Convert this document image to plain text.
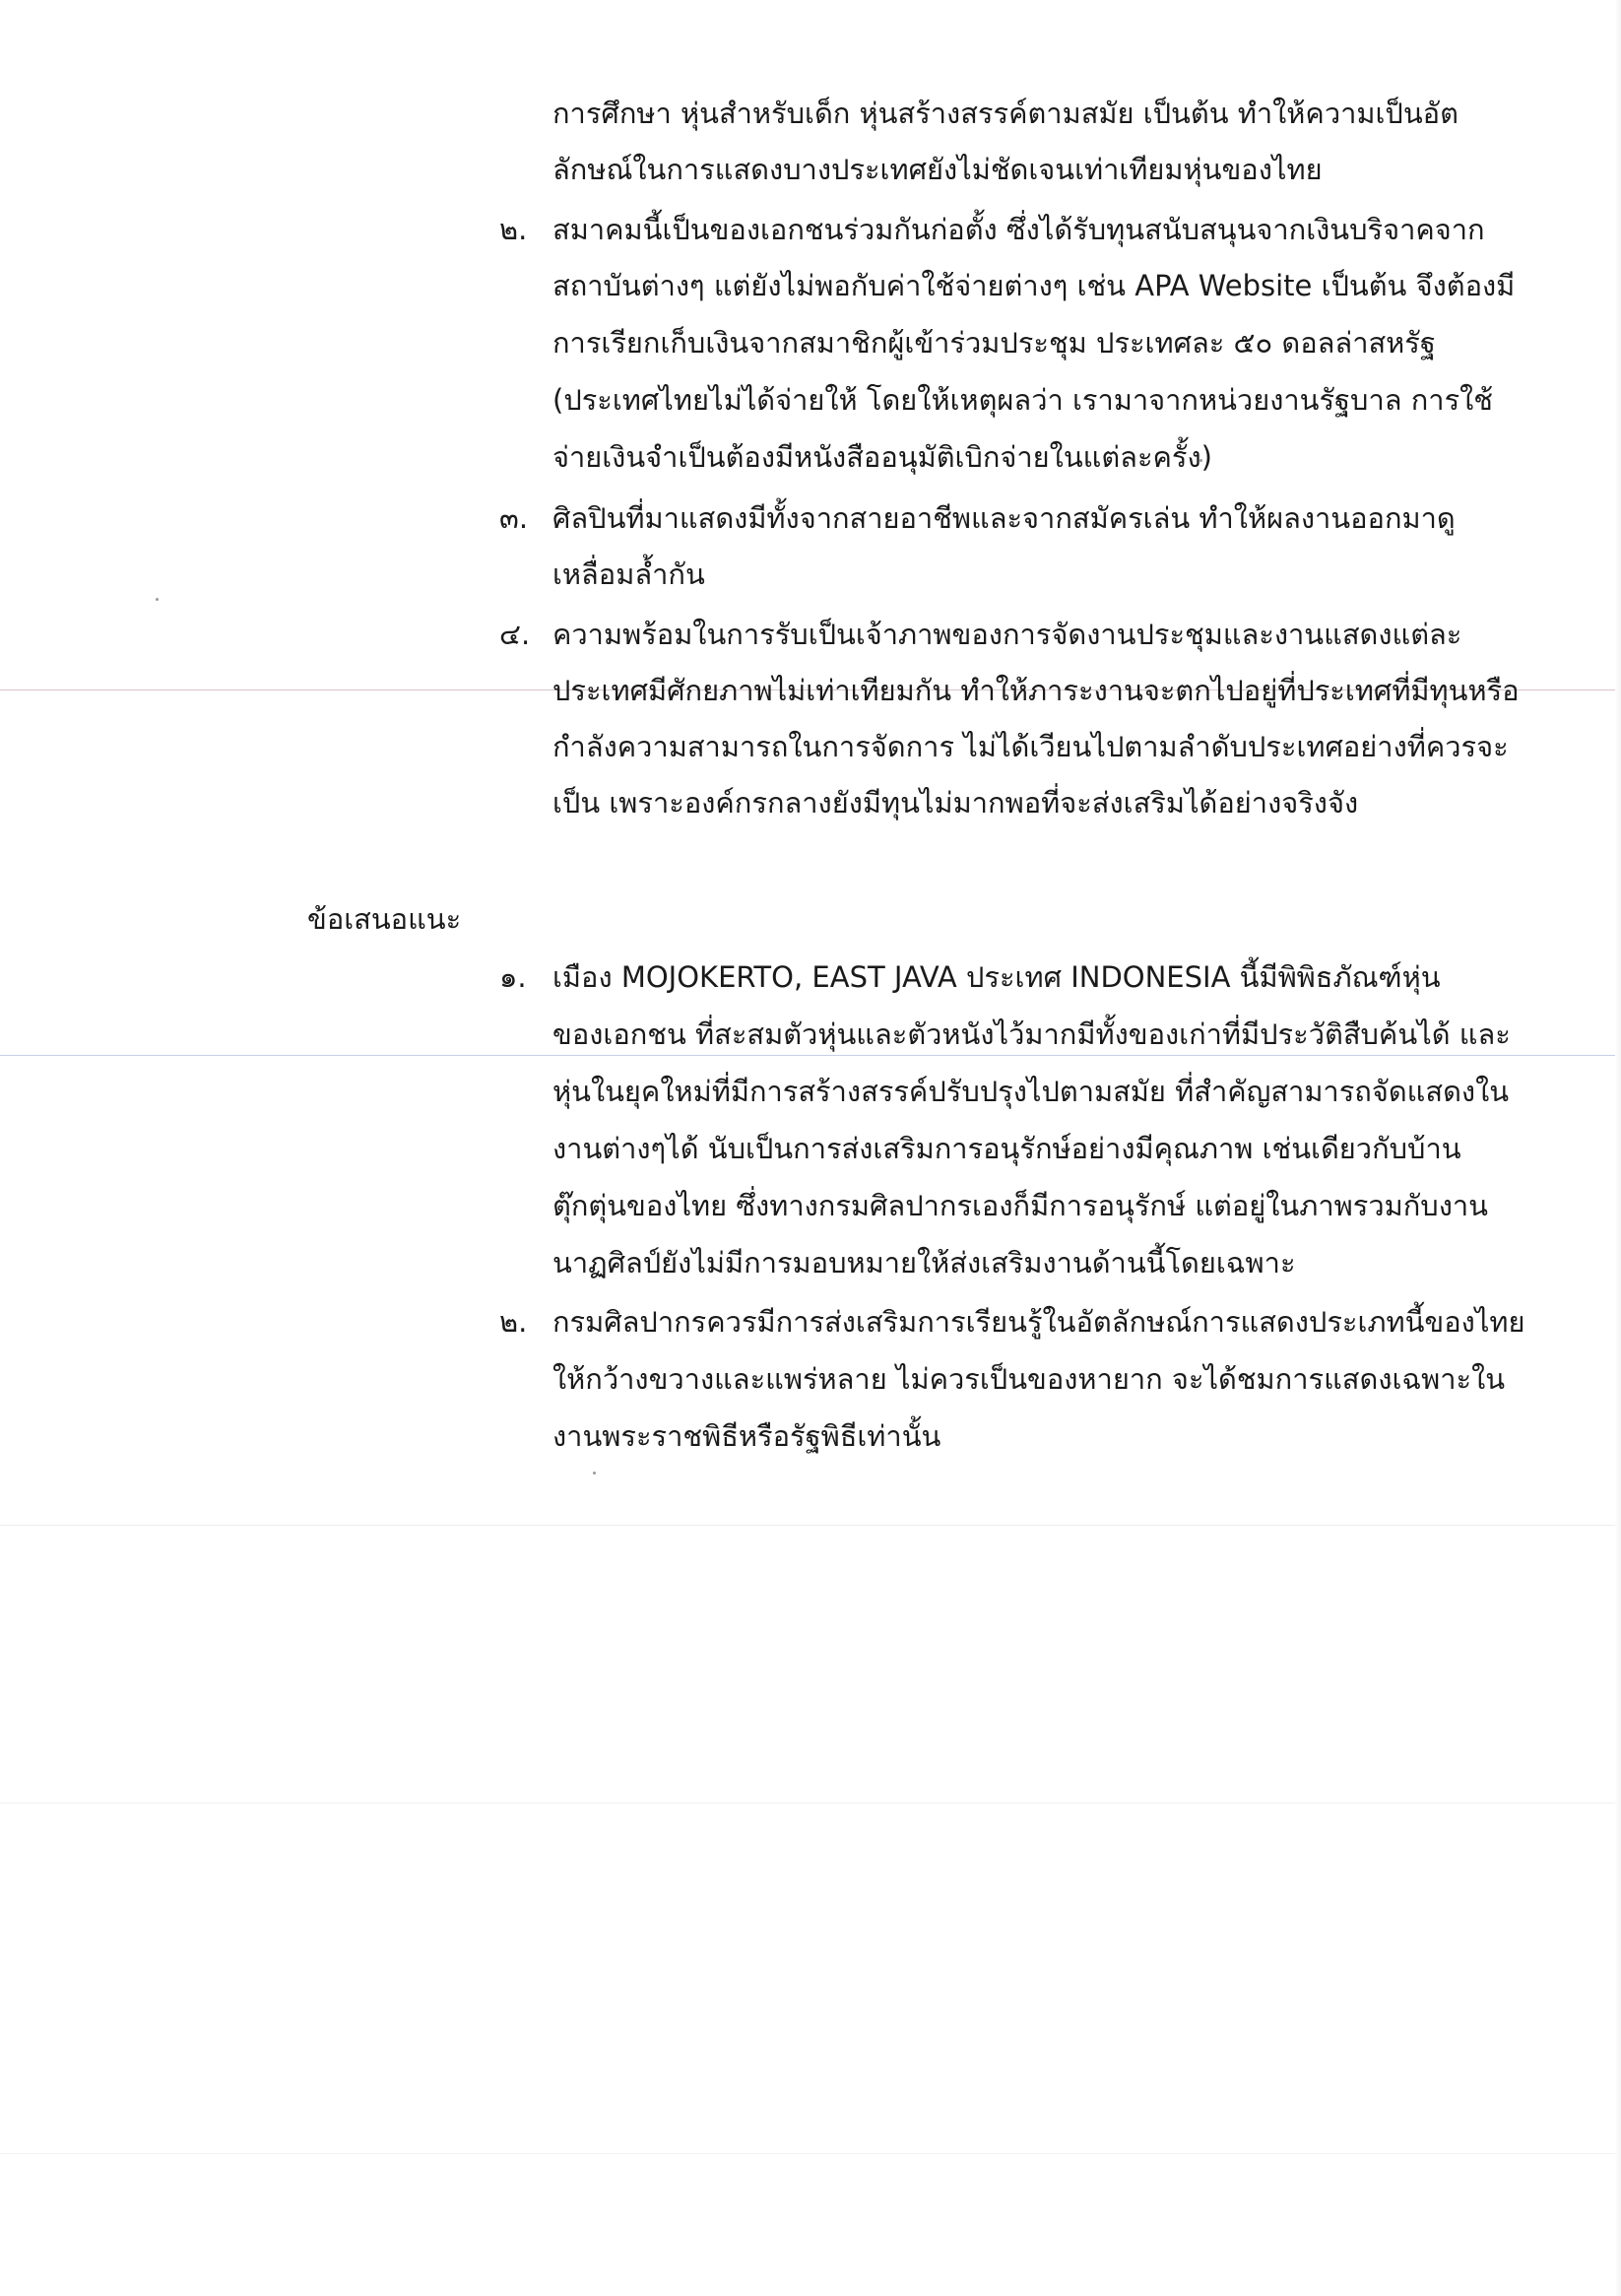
การศึกษา หุ่นสำหรับเด็ก หุ่นสร้างสรรค์ตามสมัย เป็นต้น ทำให้ความเป็นอัต
ลักษณ์ในการแสดงบางประเทศยังไม่ชัดเจนเท่าเทียมหุ่นของไทย
๒. สมาคมนี้เป็นของเอกชนร่วมกันก่อตั้ง ซึ่งได้รับทุนสนับสนุนจากเงินบริจาคจาก
สถาบันต่างๆ แต่ยังไม่พอกับค่าใช้จ่ายต่างๆ เช่น APA Website เป็นต้น จึงต้องมี
การเรียกเก็บเงินจากสมาชิกผู้เข้าร่วมประชุม ประเทศละ ๕๐ ดอลล่าสหรัฐ
(ประเทศไทยไม่ได้จ่ายให้ โดยให้เหตุผลว่า เรามาจากหน่วยงานรัฐบาล การใช้
จ่ายเงินจำเป็นต้องมีหนังสืออนุมัติเบิกจ่ายในแต่ละครั้ง)
๓. ศิลปินที่มาแสดงมีทั้งจากสายอาชีพและจากสมัครเล่น ทำให้ผลงานออกมาดู
เหลื่อมล้ำกัน
๔. ความพร้อมในการรับเป็นเจ้าภาพของการจัดงานประชุมและงานแสดงแต่ละ
ประเทศมีศักยภาพไม่เท่าเทียมกัน ทำให้ภาระงานจะตกไปอยู่ที่ประเทศที่มีทุนหรือ
กำลังความสามารถในการจัดการ ไม่ได้เวียนไปตามลำดับประเทศอย่างที่ควรจะ
เป็น เพราะองค์กรกลางยังมีทุนไม่มากพอที่จะส่งเสริมได้อย่างจริงจัง
ข้อเสนอแนะ
๑. เมือง MOJOKERTO, EAST JAVA ประเทศ INDONESIA นี้มีพิพิธภัณฑ์หุ่น
ของเอกชน ที่สะสมตัวหุ่นและตัวหนังไว้มากมีทั้งของเก่าที่มีประวัติสืบค้นได้ และ
หุ่นในยุคใหม่ที่มีการสร้างสรรค์ปรับปรุงไปตามสมัย ที่สำคัญสามารถจัดแสดงใน
งานต่างๆได้ นับเป็นการส่งเสริมการอนุรักษ์อย่างมีคุณภาพ เช่นเดียวกับบ้าน
ตุ๊กตุ่นของไทย ซึ่งทางกรมศิลปากรเองก็มีการอนุรักษ์ แต่อยู่ในภาพรวมกับงาน
นาฏศิลป์ยังไม่มีการมอบหมายให้ส่งเสริมงานด้านนี้โดยเฉพาะ
๒. กรมศิลปากรควรมีการส่งเสริมการเรียนรู้ในอัตลักษณ์การแสดงประเภทนี้ของไทย
ให้กว้างขวางและแพร่หลาย ไม่ควรเป็นของหายาก จะได้ชมการแสดงเฉพาะใน
งานพระราชพิธีหรือรัฐพิธีเท่านั้น
